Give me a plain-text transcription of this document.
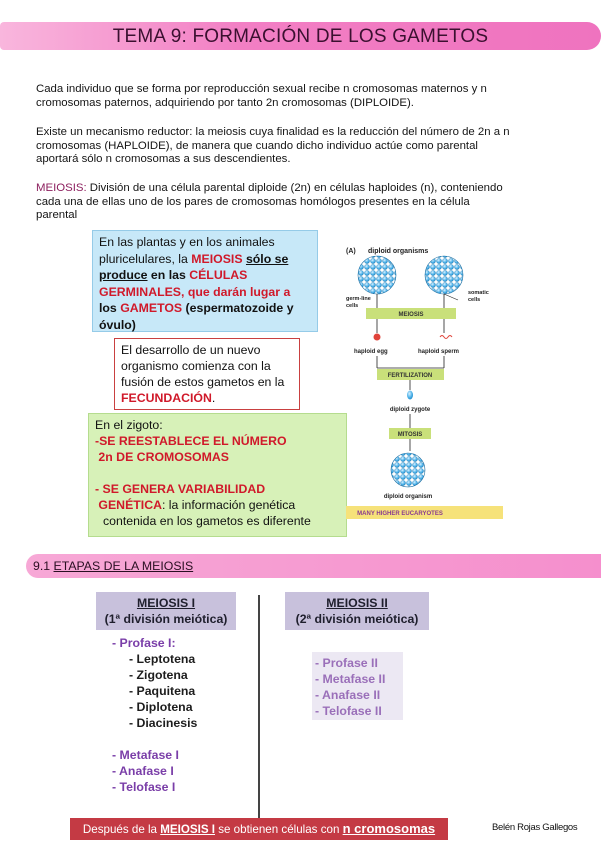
TEMA 9: FORMACIÓN DE LOS GAMETOS
Cada individuo que se forma por reproducción sexual recibe n cromosomas maternos y n
cromosomas paternos, adquiriendo por tanto 2n cromosomas (DIPLOIDE).
Existe un mecanismo reductor: la meiosis cuya finalidad es la reducción del número de 2n a n
cromosomas (HAPLOIDE), de manera que cuando dicho individuo actúe como parental
aportará sólo n cromosomas a sus descendientes.
MEIOSIS: División de una célula parental diploide (2n) en células haploides (n), conteniendo
cada una de ellas uno de los pares de cromosomas homólogos presentes en la célula
parental
En las plantas y en los animales pluricelulares, la MEIOSIS sólo se produce en las CÉLULAS GERMINALES, que darán lugar a los GAMETOS (espermatozoide y óvulo)
El desarrollo de un nuevo organismo comienza con la fusión de estos gametos en la FECUNDACIÓN.
En el zigoto:
-SE REESTABLECE EL NÚMERO
2n DE CROMOSOMAS
- SE GENERA VARIABILIDAD
GENÉTICA: la información genética
contenida en los gametos es diferente
(A) diploid organisms
germ-line
cells
somatic
cells
MEIOSIS
haploid egg	haploid sperm
FERTILIZATION
diploid zygote
MITOSIS
diploid organism
MANY HIGHER EUCARYOTES
9.1 ETAPAS DE LA MEIOSIS
MEIOSIS I
(1ª división meiótica)
MEIOSIS II
(2ª división meiótica)
- Profase I:
- Leptotena
- Zigotena
- Paquitena
- Diplotena
- Diacinesis
- Metafase I
- Anafase I
- Telofase I
- Profase II
- Metafase II
- Anafase II
- Telofase II
Después de la MEIOSIS I se obtienen células con n cromosomas	Belén Rojas Gallegos
